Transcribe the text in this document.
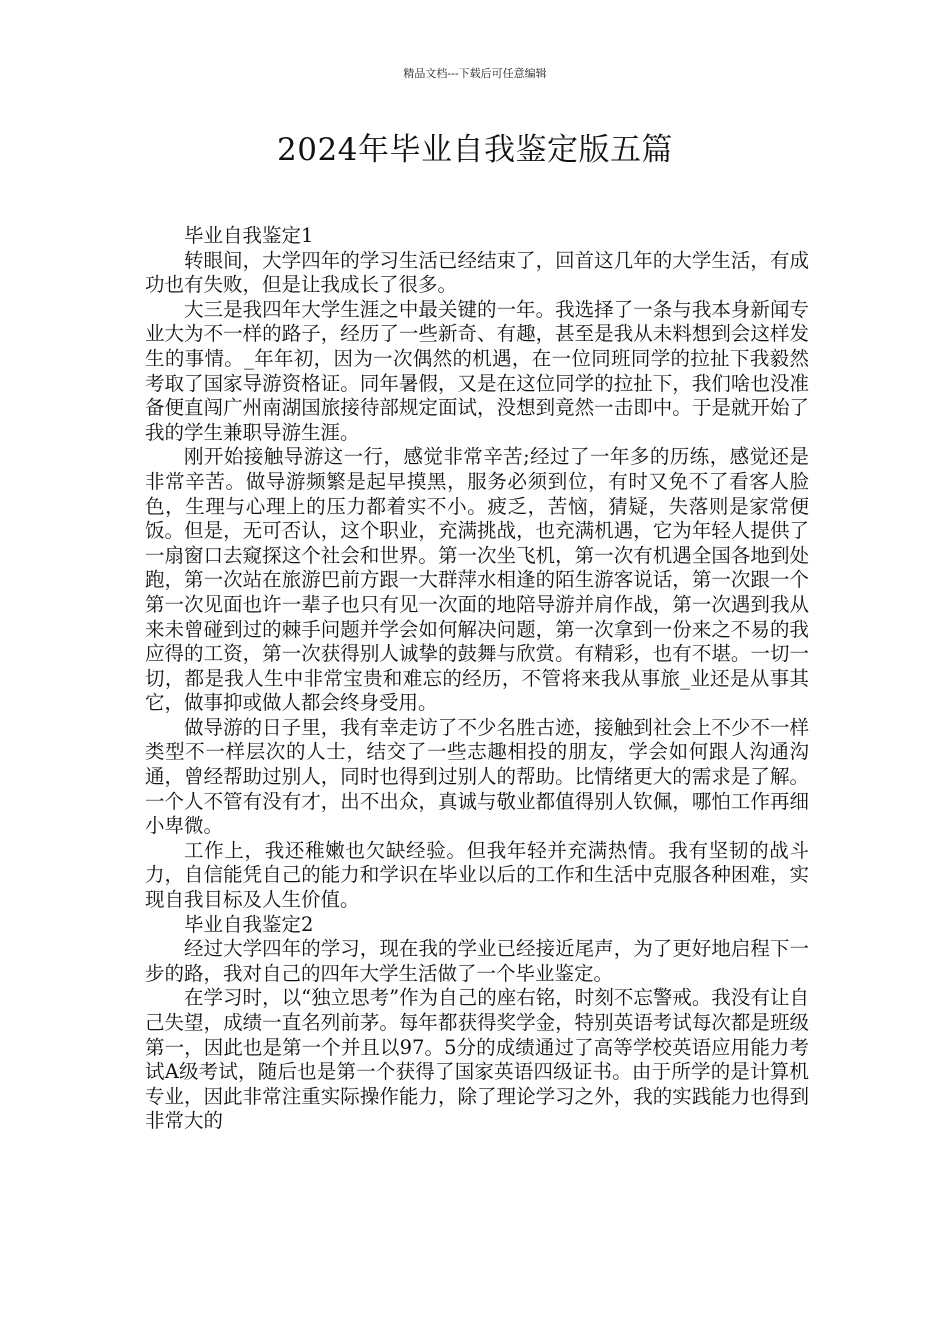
精品文档---下载后可任意编辑
2024年毕业自我鉴定版五篇

毕业自我鉴定1

转眼间，大学四年的学习生活已经结束了，回首这几年的大学生活，有成功也有失败，但是让我成长了很多。

大三是我四年大学生涯之中最关键的一年。我选择了一条与我本身新闻专业大为不一样的路子，经历了一些新奇、有趣，甚至是我从未料想到会这样发生的事情。_年年初，因为一次偶然的机遇，在一位同班同学的拉扯下我毅然考取了国家导游资格证。同年暑假，又是在这位同学的拉扯下，我们啥也没准备便直闯广州南湖国旅接待部规定面试，没想到竟然一击即中。于是就开始了我的学生兼职导游生涯。

刚开始接触导游这一行，感觉非常辛苦;经过了一年多的历练，感觉还是非常辛苦。做导游频繁是起早摸黑，服务必须到位，有时又免不了看客人脸色，生理与心理上的压力都着实不小。疲乏，苦恼，猜疑，失落则是家常便饭。但是，无可否认，这个职业，充满挑战，也充满机遇，它为年轻人提供了一扇窗口去窥探这个社会和世界。第一次坐飞机，第一次有机遇全国各地到处跑，第一次站在旅游巴前方跟一大群萍水相逢的陌生游客说话，第一次跟一个第一次见面也许一辈子也只有见一次面的地陪导游并肩作战，第一次遇到我从来未曾碰到过的棘手问题并学会如何解决问题，第一次拿到一份来之不易的我应得的工资，第一次获得别人诚挚的鼓舞与欣赏。有精彩，也有不堪。一切一切，都是我人生中非常宝贵和难忘的经历，不管将来我从事旅_业还是从事其它，做事抑或做人都会终身受用。

做导游的日子里，我有幸走访了不少名胜古迹，接触到社会上不少不一样类型不一样层次的人士，结交了一些志趣相投的朋友，学会如何跟人沟通沟通，曾经帮助过别人，同时也得到过别人的帮助。比情绪更大的需求是了解。一个人不管有没有才，出不出众，真诚与敬业都值得别人钦佩，哪怕工作再细小卑微。

工作上，我还稚嫩也欠缺经验。但我年轻并充满热情。我有坚韧的战斗力，自信能凭自己的能力和学识在毕业以后的工作和生活中克服各种困难，实现自我目标及人生价值。

毕业自我鉴定2

经过大学四年的学习，现在我的学业已经接近尾声，为了更好地启程下一步的路，我对自己的四年大学生活做了一个毕业鉴定。

在学习时，以“独立思考”作为自己的座右铭，时刻不忘警戒。我没有让自己失望，成绩一直名列前茅。每年都获得奖学金，特别英语考试每次都是班级第一，因此也是第一个并且以97。5分的成绩通过了高等学校英语应用能力考试A级考试，随后也是第一个获得了国家英语四级证书。由于所学的是计算机专业，因此非常注重实际操作能力，除了理论学习之外，我的实践能力也得到非常大的
